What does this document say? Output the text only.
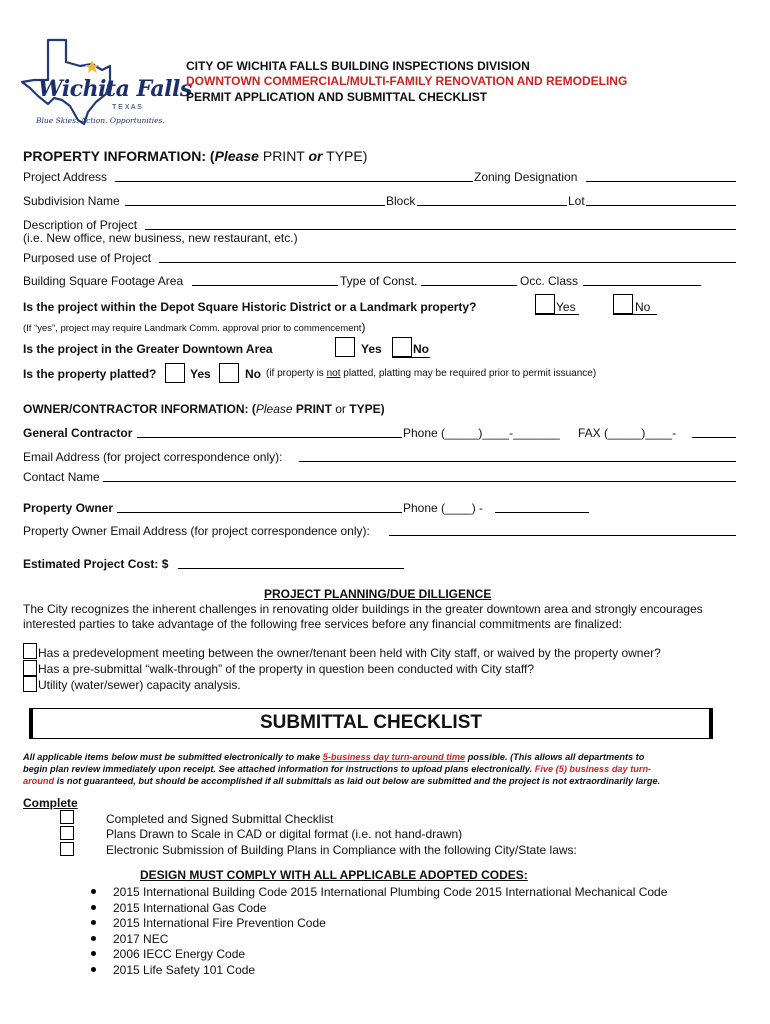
Wichita Falls
T E X A S
Blue Skies. Action. Opportunities.
CITY OF WICHITA FALLS BUILDING INSPECTIONS DIVISION
DOWNTOWN COMMERCIAL/MULTI-FAMILY RENOVATION AND REMODELING
PERMIT APPLICATION AND SUBMITTAL CHECKLIST
PROPERTY INFORMATION: (Please PRINT or TYPE)
Project Address	Zoning Designation
Subdivision Name	Block	Lot
Description of Project
(i.e. New office, new business, new restaurant, etc.)
Purposed use of Project
Building Square Footage Area	Type of Const.	Occ. Class
Is the project within the Depot Square Historic District or a Landmark property?	Yes	No
(If “yes”, project may require Landmark Comm. approval prior to commencement)
Is the project in the Greater Downtown Area	Yes	No
Is the property platted?	Yes	No (if property is not platted, platting may be required prior to permit issuance)
OWNER/CONTRACTOR INFORMATION: (Please PRINT or TYPE)
General Contractor	Phone (_____)____-_______ FAX (_____)____-
Email Address (for project correspondence only):
Contact Name
Property Owner	Phone (____) -
Property Owner Email Address (for project correspondence only):
Estimated Project Cost: $
PROJECT PLANNING/DUE DILLIGENCE
The City recognizes the inherent challenges in renovating older buildings in the greater downtown area and strongly encourages
interested parties to take advantage of the following free services before any financial commitments are finalized:
Has a predevelopment meeting between the owner/tenant been held with City staff, or waived by the property owner?
Has a pre-submittal “walk-through” of the property in question been conducted with City staff?
Utility (water/sewer) capacity analysis.
SUBMITTAL CHECKLIST
All applicable items below must be submitted electronically to make 5-business day turn-around time possible. (This allows all departments to
begin plan review immediately upon receipt. See attached information for instructions to upload plans electronically. Five (5) business day turn-
around is not guaranteed, but should be accomplished if all submittals as laid out below are submitted and the project is not extraordinarily large.
Complete
Completed and Signed Submittal Checklist
Plans Drawn to Scale in CAD or digital format (i.e. not hand-drawn)
Electronic Submission of Building Plans in Compliance with the following City/State laws:
DESIGN MUST COMPLY WITH ALL APPLICABLE ADOPTED CODES:
2015 International Building Code 2015 International Plumbing Code 2015 International Mechanical Code
2015 International Gas Code
2015 International Fire Prevention Code
2017 NEC
2006 IECC Energy Code
2015 Life Safety 101 Code
